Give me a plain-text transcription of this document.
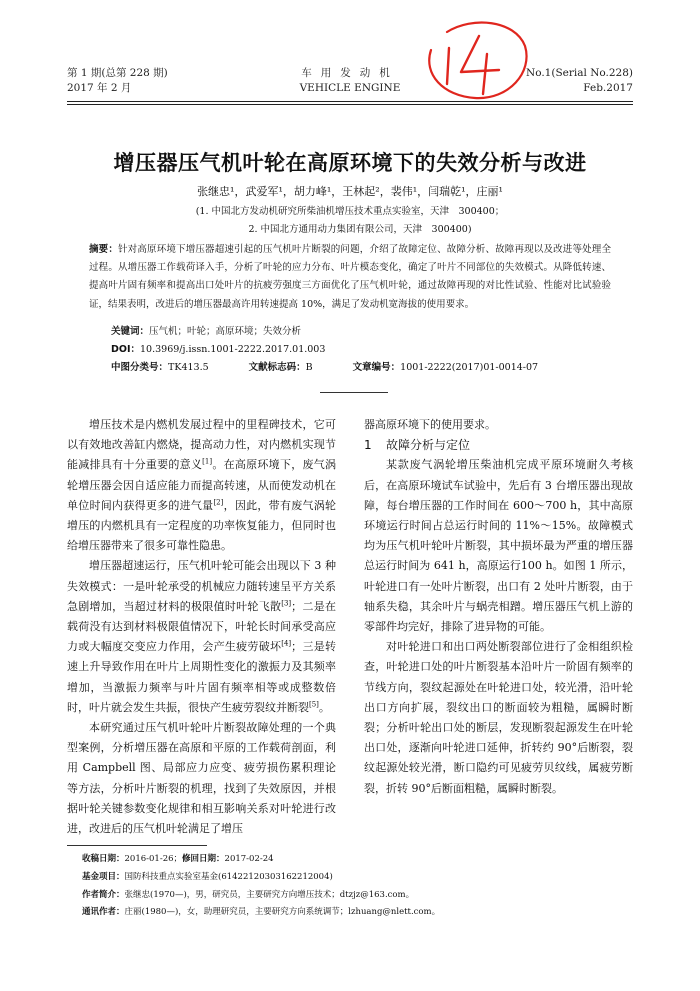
第 1 期(总第 228 期)
2017 年 2 月
车用发动机
VEHICLE ENGINE
No.1(Serial No.228)
Feb.2017
增压器压气机叶轮在高原环境下的失效分析与改进
张继忠¹，武爱军¹，胡力峰¹，王林起²，裴伟¹，闫瑞乾¹，庄丽¹
(1. 中国北方发动机研究所柴油机增压技术重点实验室，天津　300400；
2. 中国北方通用动力集团有限公司，天津　300400)
摘要：针对高原环境下增压器超速引起的压气机叶片断裂的问题，介绍了故障定位、故障分析、故障再现以及改进等处理全过程。从增压器工作载荷译入手，分析了叶轮的应力分布、叶片模态变化，确定了叶片不同部位的失效模式。从降低转速、提高叶片固有频率和提高出口处叶片的抗疲劳强度三方面优化了压气机叶轮，通过故障再现的对比性试验、性能对比试验验证，结果表明，改进后的增压器最高许用转速提高 10%，满足了发动机宽海拔的使用要求。
关键词：压气机；叶轮；高原环境；失效分析
DOI：10.3969/j.issn.1001-2222.2017.01.003
中图分类号：TK413.5	文献标志码：B	文章编号：1001-2222(2017)01-0014-07

增压技术是内燃机发展过程中的里程碑技术，它可以有效地改善缸内燃烧，提高动力性，对内燃机实现节能减排具有十分重要的意义[1]。在高原环境下，废气涡轮增压器会因自适应能力而提高转速，从而使发动机在单位时间内获得更多的进气量[2]，因此，带有废气涡轮增压的内燃机具有一定程度的功率恢复能力，但同时也给增压器带来了很多可靠性隐患。

增压器超速运行，压气机叶轮可能会出现以下 3 种失效模式：一是叶轮承受的机械应力随转速呈平方关系急剧增加，当超过材料的极限值时叶轮飞散[3]；二是在载荷没有达到材料极限值情况下，叶轮长时间承受高应力或大幅度交变应力作用，会产生疲劳破坏[4]；三是转速上升导致作用在叶片上周期性变化的激振力及其频率增加，当激振力频率与叶片固有频率相等或成整数倍时，叶片就会发生共振，很快产生疲劳裂纹并断裂[5]。

本研究通过压气机叶轮叶片断裂故障处理的一个典型案例，分析增压器在高原和平原的工作载荷剖面，利用 Campbell 图、局部应力应变、疲劳损伤累积理论等方法，分析叶片断裂的机理，找到了失效原因，并根据叶轮关键参数变化规律和相互影响关系对叶轮进行改进，改进后的压气机叶轮满足了增压

器高原环境下的使用要求。

1 故障分析与定位

某款废气涡轮增压柴油机完成平原环境耐久考核后，在高原环境试车试验中，先后有 3 台增压器出现故障，每台增压器的工作时间在 600～700 h，其中高原环境运行时间占总运行时间的 11%～15%。故障模式均为压气机叶轮叶片断裂，其中损坏最为严重的增压器总运行时间为 641 h，高原运行100 h。如图 1 所示，叶轮进口有一处叶片断裂，出口有 2 处叶片断裂，由于轴系失稳，其余叶片与蜗壳相蹭。增压器压气机上游的零部件均完好，排除了进异物的可能。

对叶轮进口和出口两处断裂部位进行了金相组织检查，叶轮进口处的叶片断裂基本沿叶片一阶固有频率的节线方向，裂纹起源处在叶轮进口处，较光滑，沿叶轮出口方向扩展，裂纹出口的断面较为粗糙，属瞬时断裂；分析叶轮出口处的断层，发现断裂起源发生在叶轮出口处，逐渐向叶轮进口延伸，折转约 90°后断裂，裂纹起源处较光滑，断口隐约可见疲劳贝纹线，属疲劳断裂，折转 90°后断面粗糙，属瞬时断裂。

收稿日期：2016-01-26；修回日期：2017-02-24
基金项目：国防科技重点实验室基金(61422120303162212004)
作者简介：张继忠(1970—)，男，研究员，主要研究方向增压技术；dtzjz@163.com。
通讯作者：庄丽(1980—)，女，助理研究员，主要研究方向系统调节；lzhuang@nlett.com。
